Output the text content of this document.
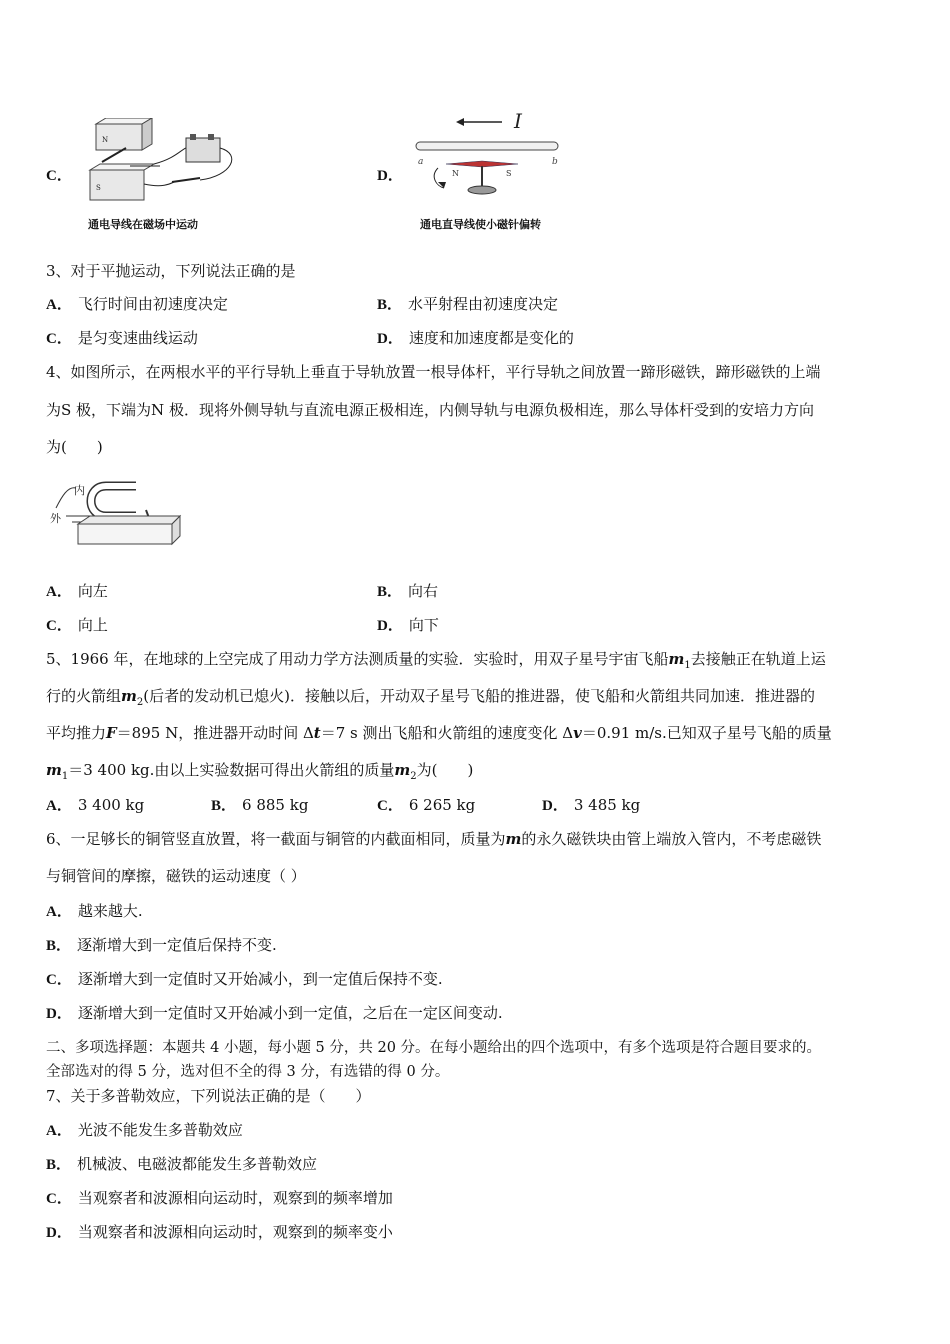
C．
N
S
通电导线在磁场中运动
D．
I
a	b
N	S
通电直导线使小磁针偏转
3、对于平抛运动，下列说法正确的是
A． 飞行时间由初速度决定	B． 水平射程由初速度决定
C． 是匀变速曲线运动	D． 速度和加速度都是变化的
4、如图所示，在两根水平的平行导轨上垂直于导轨放置一根导体杆，平行导轨之间放置一蹄形磁铁，蹄形磁铁的上端
为S 极，下端为N 极．现将外侧导轨与直流电源正极相连，内侧导轨与电源负极相连，那么导体杆受到的安培力方向
为(　　)
内
外
A． 向左	B． 向右
C． 向上	D． 向下
5、1966 年，在地球的上空完成了用动力学方法测质量的实验．实验时，用双子星号宇宙飞船$m_1$去接触正在轨道上运
行的火箭组$m_2$(后者的发动机已熄火)．接触以后，开动双子星号飞船的推进器，使飞船和火箭组共同加速．推进器的
平均推力F＝895 N，推进器开动时间 Δt＝7 s 测出飞船和火箭组的速度变化 Δv＝0.91 m/s.已知双子星号飞船的质量
$m_1=3$ 400 kg.由以上实验数据可得出火箭组的质量$m_2$为(　　)
A． 3 400 kg	B． 6 885 kg	C． 6 265 kg	D． 3 485 kg
6、一足够长的铜管竖直放置，将一截面与铜管的内截面相同，质量为m的永久磁铁块由管上端放入管内，不考虑磁铁
与铜管间的摩擦，磁铁的运动速度（ ）
A． 越来越大.
B． 逐渐增大到一定值后保持不变.
C． 逐渐增大到一定值时又开始减小，到一定值后保持不变.
D． 逐渐增大到一定值时又开始减小到一定值，之后在一定区间变动.
二、多项选择题：本题共 4 小题，每小题 5 分，共 20 分。在每小题给出的四个选项中，有多个选项是符合题目要求的。
全部选对的得 5 分，选对但不全的得 3 分，有选错的得 0 分。
7、关于多普勒效应，下列说法正确的是（　　）
A． 光波不能发生多普勒效应
B． 机械波、电磁波都能发生多普勒效应
C． 当观察者和波源相向运动时，观察到的频率增加
D． 当观察者和波源相向运动时，观察到的频率变小
